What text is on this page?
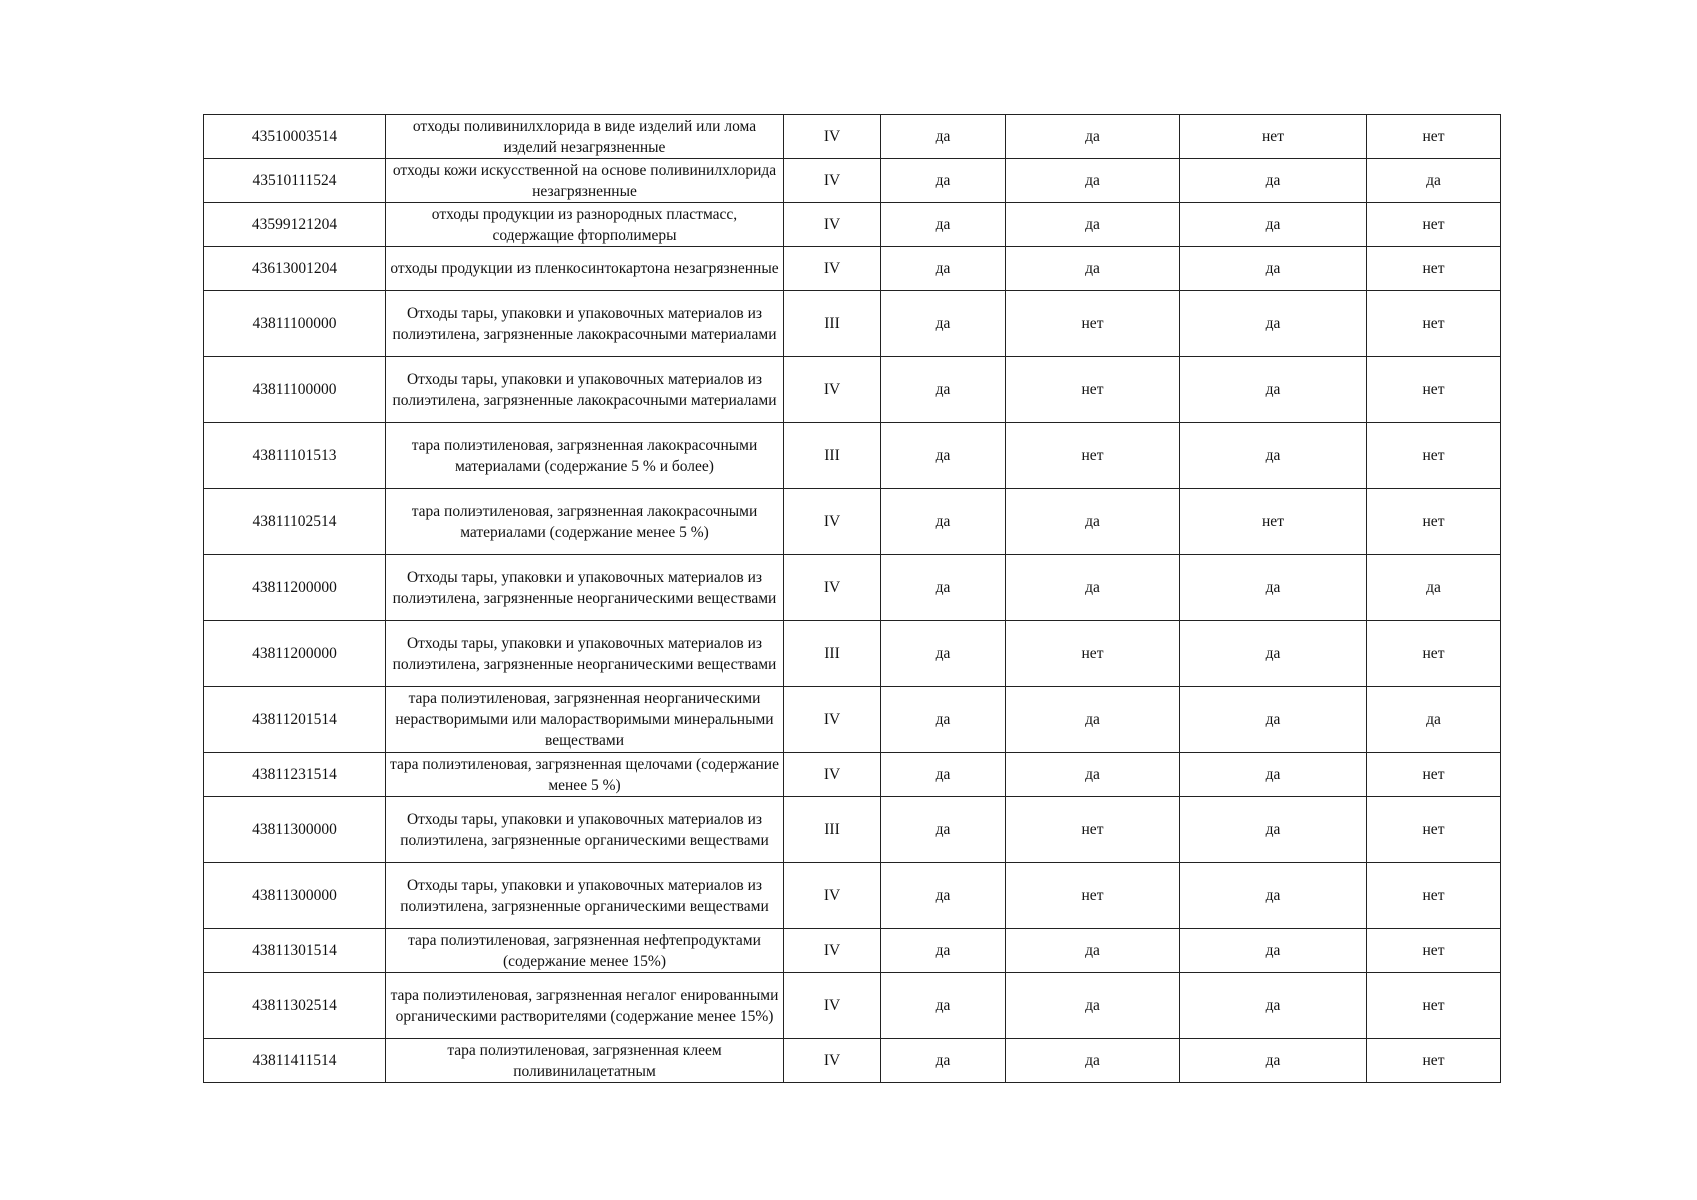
43510003514	отходы поливинилхлорида в виде изделий или лома изделий незагрязненные	IV	да	да	нет	нет
43510111524	отходы кожи искусственной на основе поливинилхлорида незагрязненные	IV	да	да	да	да
43599121204	отходы продукции из разнородных пластмасс, содержащие фторполимеры	IV	да	да	да	нет
43613001204	отходы продукции из пленкосинтокартона незагрязненные	IV	да	да	да	нет
43811100000	Отходы тары, упаковки и упаковочных материалов из полиэтилена, загрязненные лакокрасочными материалами	III	да	нет	да	нет
43811100000	Отходы тары, упаковки и упаковочных материалов из полиэтилена, загрязненные лакокрасочными материалами	IV	да	нет	да	нет
43811101513	тара полиэтиленовая, загрязненная лакокрасочными материалами (содержание 5 % и более)	III	да	нет	да	нет
43811102514	тара полиэтиленовая, загрязненная лакокрасочными материалами (содержание менее 5 %)	IV	да	да	нет	нет
43811200000	Отходы тары, упаковки и упаковочных материалов из полиэтилена, загрязненные неорганическими веществами	IV	да	да	да	да
43811200000	Отходы тары, упаковки и упаковочных материалов из полиэтилена, загрязненные неорганическими веществами	III	да	нет	да	нет
43811201514	тара полиэтиленовая, загрязненная неорганическими нерастворимыми или малорастворимыми минеральными веществами	IV	да	да	да	да
43811231514	тара полиэтиленовая, загрязненная щелочами (содержание менее 5 %)	IV	да	да	да	нет
43811300000	Отходы тары, упаковки и упаковочных материалов из полиэтилена, загрязненные органическими веществами	III	да	нет	да	нет
43811300000	Отходы тары, упаковки и упаковочных материалов из полиэтилена, загрязненные органическими веществами	IV	да	нет	да	нет
43811301514	тара полиэтиленовая, загрязненная нефтепродуктами (содержание менее 15%)	IV	да	да	да	нет
43811302514	тара полиэтиленовая, загрязненная негалог енированными органическими растворителями (содержание менее 15%)	IV	да	да	да	нет
43811411514	тара полиэтиленовая, загрязненная клеем поливинилацетатным	IV	да	да	да	нет
